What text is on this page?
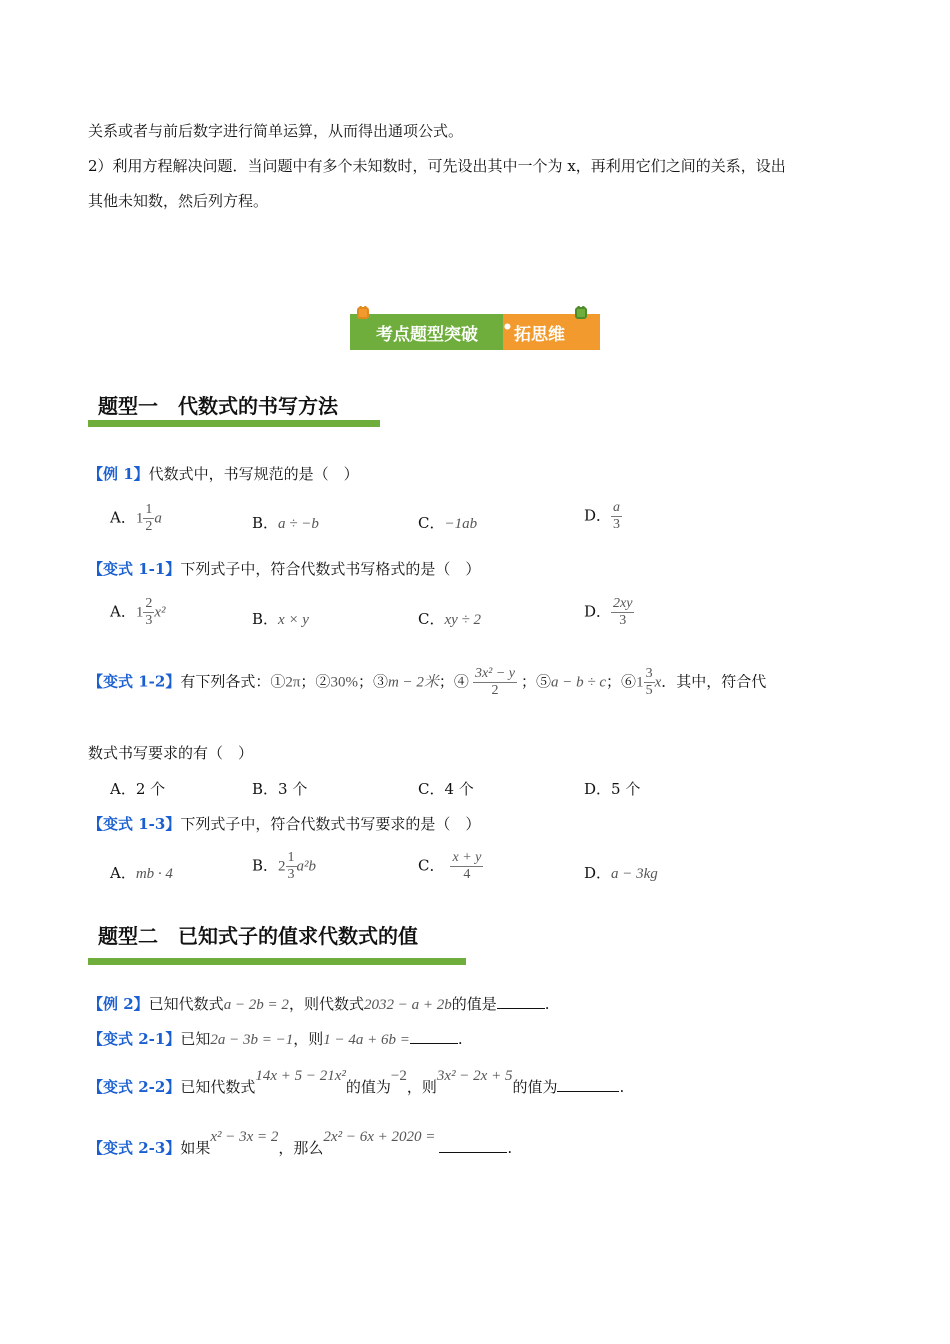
关系或者与前后数字进行简单运算，从而得出通项公式。
2）利用方程解决问题．当问题中有多个未知数时，可先设出其中一个为 x，再利用它们之间的关系，设出
其他未知数，然后列方程。
考点题型突破 • 拓思维
题型一　代数式的书写方法
【例 1】代数式中，书写规范的是（　）
A．$1 \frac{1}{2}$ a	B．a ÷ −b	C．−1ab	D． $\frac{a}{3}$
【变式 1-1】下列式子中，符合代数式书写格式的是（　）
A．$1 \frac{2}{3} x^2$	B．x × y	C．xy ÷ 2	D． $\frac{2xy}{3}$
【变式 1-2】有下列各式：①2π；②30%；③m − 2米；④ $\frac{\text{3x² − y}}{2}$ ；⑤a − b ÷ c；⑥1 $\frac{3}{5}$ x．其中，符合代
数式书写要求的有（　）
A．2 个	B．3 个	C．4 个	D．5 个
【变式 1-3】下列式子中，符合代数式书写要求的是（　）
A．mb · 4	B．$2 \frac{1}{3} a^2b$	C． $\frac{x + y}{4}$	D．a − 3kg
题型二　已知式子的值求代数式的值
【例 2】已知代数式a − 2b = 2，则代数式2032 − a + 2b的值是	.
【变式 2-1】已知2a − 3b = −1，则1 − 4a + 6b =	.
【变式 2-2】已知代数式14x + 5 − 21x²的值为−2，则3x² − 2x + 5的值为	.
【变式 2-3】如果x² − 3x = 2，那么2x² − 6x + 2020 =.
